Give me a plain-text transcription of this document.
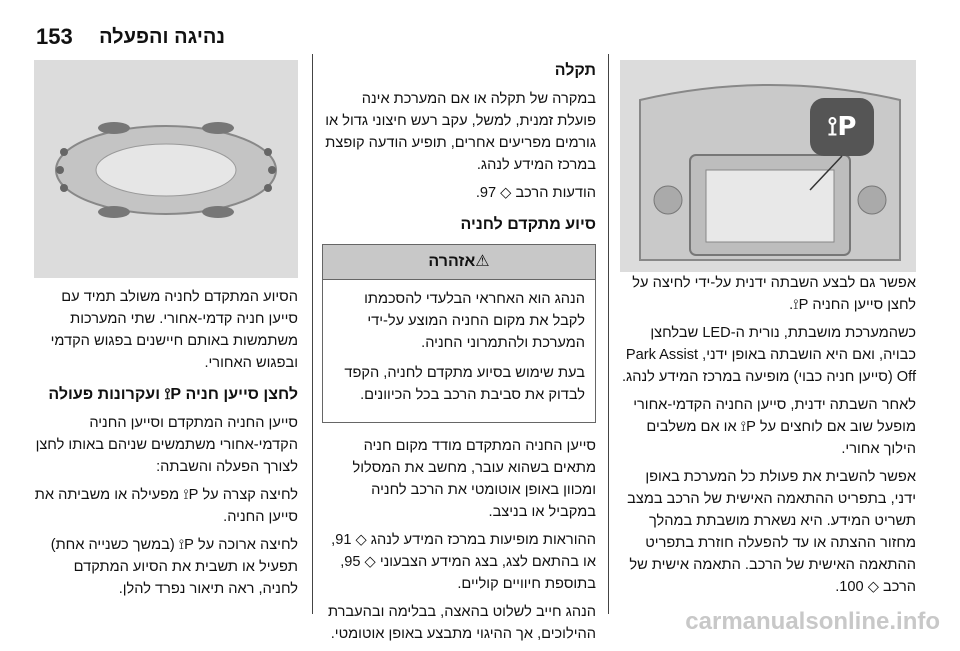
153 נהיגה והפעלה
P⟟

אפשר גם לבצע השבתה ידנית על-ידי לחיצה על לחצן סייען החניה P⟟.

כשהמערכת מושבתת, נורית ה-LED שבלחצן כבויה, ואם היא הושבתה באופן ידני, Park Assist Off (סייען חניה כבוי) מופיעה במרכז המידע לנהג.

לאחר השבתה ידנית, סייען החניה הקדמי-אחורי מופעל שוב אם לוחצים על P⟟ או אם משלבים הילוך אחורי.

אפשר להשבית את פעולת כל המערכת באופן ידני, בתפריט ההתאמה האישית של הרכב במצב תשריט המידע. היא נשארת מושבתת במהלך מחזור ההצתה או עד להפעלה חוזרת בתפריט ההתאמה האישית של הרכב. התאמה אישית של הרכב ◇ 100.

תקלה

במקרה של תקלה או אם המערכת אינה פועלת זמנית, למשל, עקב רעש חיצוני גדול או גורמים מפריעים אחרים, תופיע הודעה קופצת במרכז המידע לנהג.

הודעות הרכב ◇ 97.

סיוע מתקדם לחניה
⚠אזהרה

הנהג הוא האחראי הבלעדי להסכמתו לקבל את מקום החניה המוצע על-ידי המערכת ולהתמרוני החניה.

בעת שימוש בסיוע מתקדם לחניה, הקפד לבדוק את סביבת הרכב בכל הכיוונים.

סייען החניה המתקדם מודד מקום חניה מתאים בשהוא עובר, מחשב את המסלול ומכוון באופן אוטומטי את הרכב לחניה במקביל או בניצב.

ההוראות מופיעות במרכז המידע לנהג ◇ 91, או בהתאם לצג, בצג המידע הצבעוני ◇ 95, בתוספת חיוויים קוליים.

הנהג חייב לשלוט בהאצה, בבלימה ובהעברת ההילוכים, אך ההיגוי מתבצע באופן אוטומטי.

הסיוע המתקדם לחניה משולב תמיד עם סייען חניה קדמי-אחורי. שתי המערכות משתמשות באותם חיישנים בפגוש הקדמי ובפגוש האחורי.

לחצן סייען חניה P⟟ ועקרונות פעולה

סייען החניה המתקדם וסייען החניה הקדמי-אחורי משתמשים שניהם באותו לחצן לצורך הפעלה והשבתה:

לחיצה קצרה על P⟟ מפעילה או משביתה את סייען החניה.

לחיצה ארוכה על P⟟ (במשך כשנייה אחת) תפעיל או תשבית את הסיוע המתקדם לחניה, ראה תיאור נפרד להלן.

carmanualsonline.info
